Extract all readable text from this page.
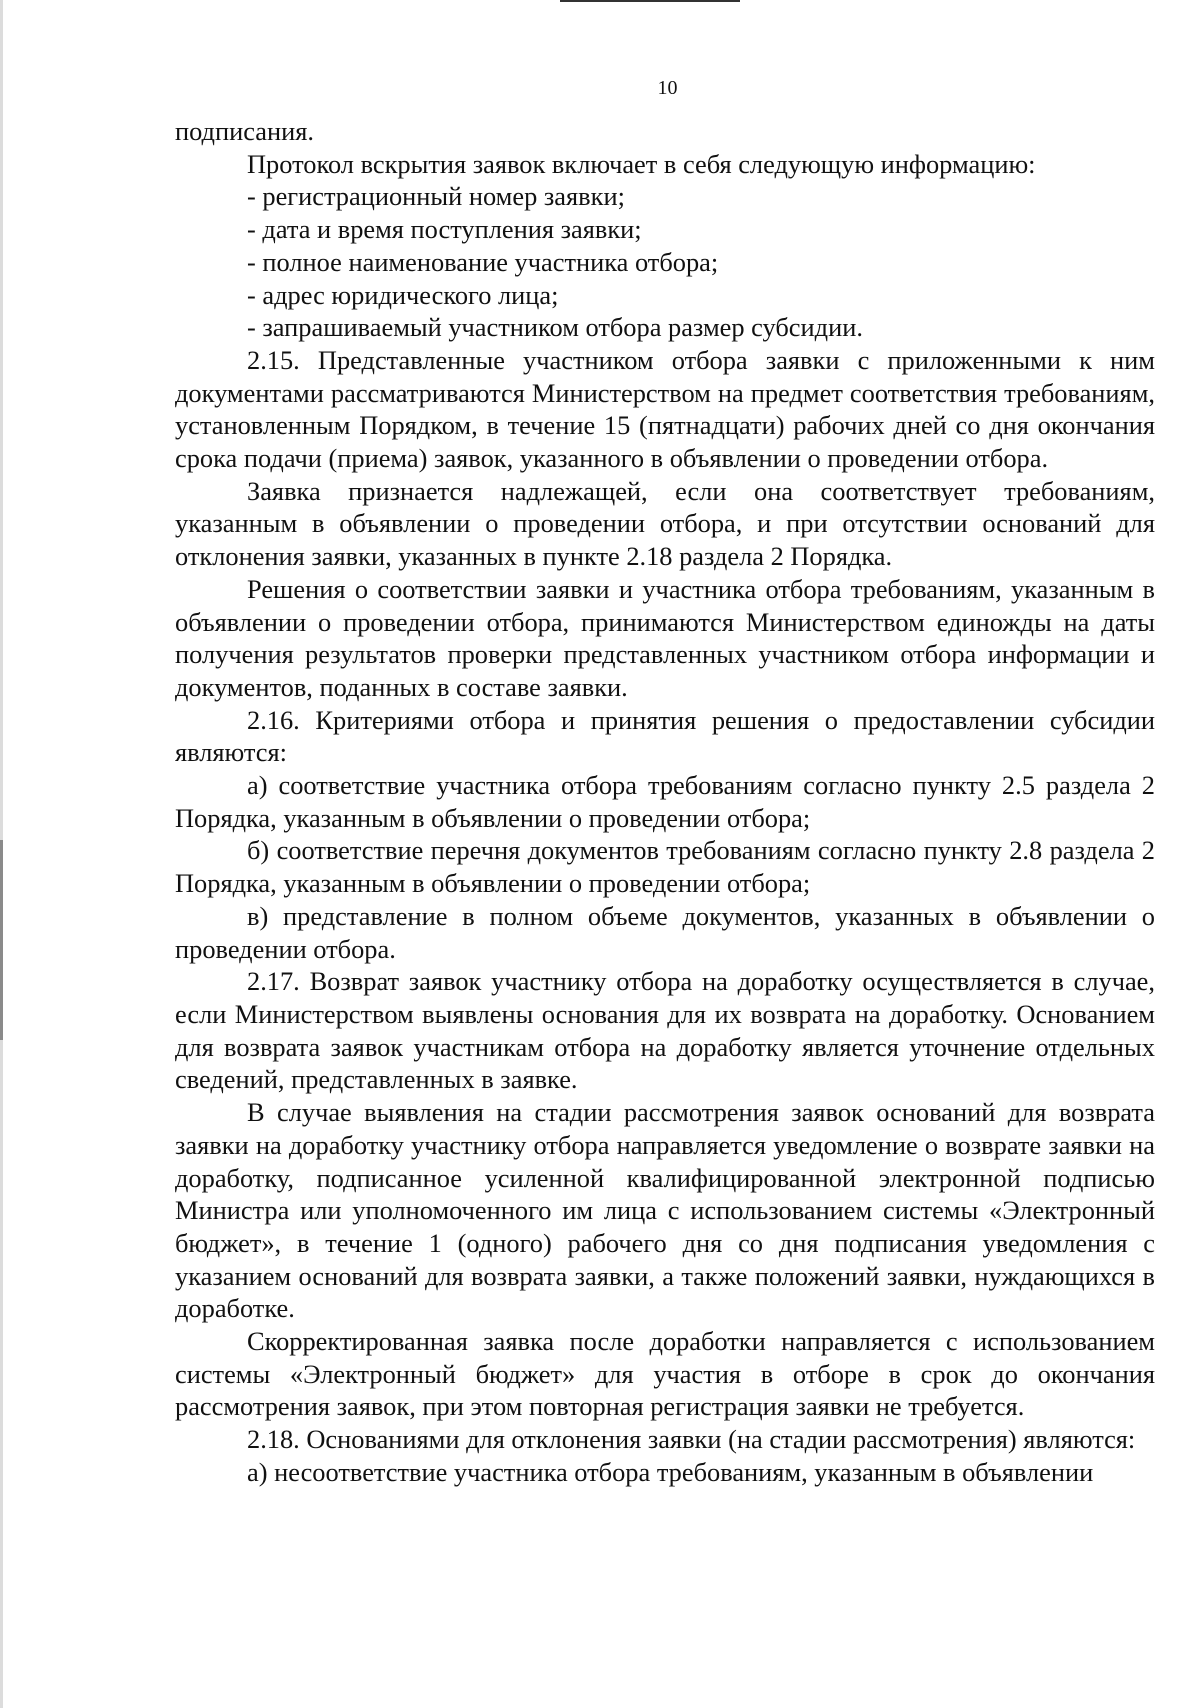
10

подписания.

Протокол вскрытия заявок включает в себя следующую информацию:

- регистрационный номер заявки;

- дата и время поступления заявки;

- полное наименование участника отбора;

- адрес юридического лица;

- запрашиваемый участником отбора размер субсидии.

2.15. Представленные участником отбора заявки с приложенными к ним документами рассматриваются Министерством на предмет соответствия требованиям, установленным Порядком, в течение 15 (пятнадцати) рабочих дней со дня окончания срока подачи (приема) заявок, указанного в объявлении о проведении отбора.

Заявка признается надлежащей, если она соответствует требованиям, указанным в объявлении о проведении отбора, и при отсутствии оснований для отклонения заявки, указанных в пункте 2.18 раздела 2 Порядка.

Решения о соответствии заявки и участника отбора требованиям, указанным в объявлении о проведении отбора, принимаются Министерством единожды на даты получения результатов проверки представленных участником отбора информации и документов, поданных в составе заявки.

2.16. Критериями отбора и принятия решения о предоставлении субсидии являются:

а) соответствие участника отбора требованиям согласно пункту 2.5 раздела 2 Порядка, указанным в объявлении о проведении отбора;

б) соответствие перечня документов требованиям согласно пункту 2.8 раздела 2 Порядка, указанным в объявлении о проведении отбора;

в) представление в полном объеме документов, указанных в объявлении о проведении отбора.

2.17. Возврат заявок участнику отбора на доработку осуществляется в случае, если Министерством выявлены основания для их возврата на доработку. Основанием для возврата заявок участникам отбора на доработку является уточнение отдельных сведений, представленных в заявке.

В случае выявления на стадии рассмотрения заявок оснований для возврата заявки на доработку участнику отбора направляется уведомление о возврате заявки на доработку, подписанное усиленной квалифицированной электронной подписью Министра или уполномоченного им лица с использованием системы «Электронный бюджет», в течение 1 (одного) рабочего дня со дня подписания уведомления с указанием оснований для возврата заявки, а также положений заявки, нуждающихся в доработке.

Скорректированная заявка после доработки направляется с использованием системы «Электронный бюджет» для участия в отборе в срок до окончания рассмотрения заявок, при этом повторная регистрация заявки не требуется.

2.18. Основаниями для отклонения заявки (на стадии рассмотрения) являются:

а) несоответствие участника отбора требованиям, указанным в объявлении
